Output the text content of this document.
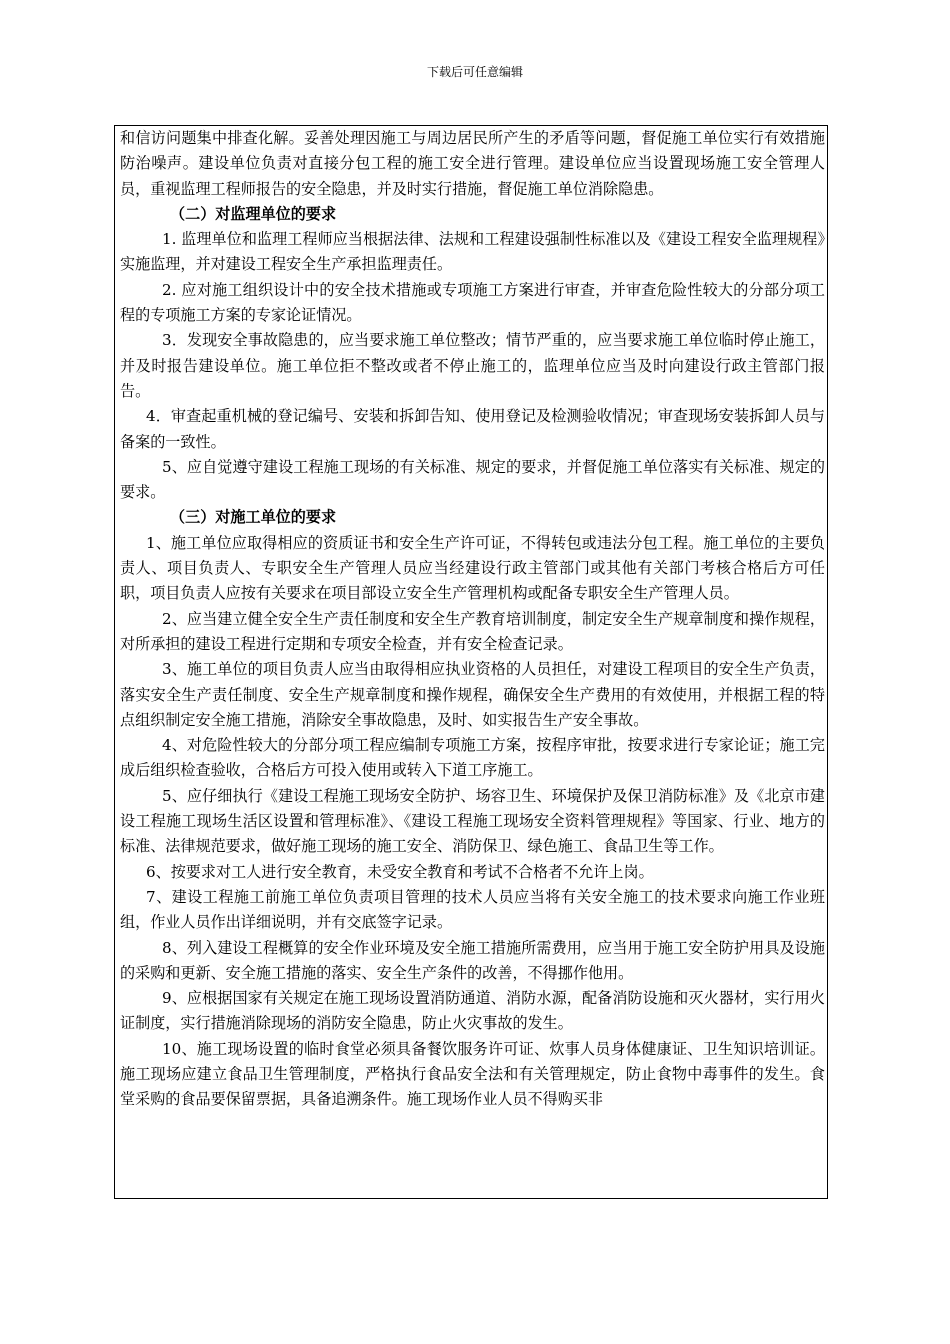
下载后可任意编辑

和信访问题集中排查化解。妥善处理因施工与周边居民所产生的矛盾等问题，督促施工单位实行有效措施防治噪声。建设单位负责对直接分包工程的施工安全进行管理。建设单位应当设置现场施工安全管理人员，重视监理工程师报告的安全隐患，并及时实行措施，督促施工单位消除隐患。

（二）对监理单位的要求

1. 监理单位和监理工程师应当根据法律、法规和工程建设强制性标准以及《建设工程安全监理规程》实施监理，并对建设工程安全生产承担监理责任。

2. 应对施工组织设计中的安全技术措施或专项施工方案进行审查，并审查危险性较大的分部分项工程的专项施工方案的专家论证情况。

3．发现安全事故隐患的，应当要求施工单位整改；情节严重的，应当要求施工单位临时停止施工，并及时报告建设单位。施工单位拒不整改或者不停止施工的，监理单位应当及时向建设行政主管部门报告。

4．审查起重机械的登记编号、安装和拆卸告知、使用登记及检测验收情况；审查现场安装拆卸人员与备案的一致性。

5、应自觉遵守建设工程施工现场的有关标准、规定的要求，并督促施工单位落实有关标准、规定的要求。

（三）对施工单位的要求

1、施工单位应取得相应的资质证书和安全生产许可证，不得转包或违法分包工程。施工单位的主要负责人、项目负责人、专职安全生产管理人员应当经建设行政主管部门或其他有关部门考核合格后方可任职，项目负责人应按有关要求在项目部设立安全生产管理机构或配备专职安全生产管理人员。

2、应当建立健全安全生产责任制度和安全生产教育培训制度，制定安全生产规章制度和操作规程，对所承担的建设工程进行定期和专项安全检查，并有安全检查记录。

3、施工单位的项目负责人应当由取得相应执业资格的人员担任，对建设工程项目的安全生产负责，落实安全生产责任制度、安全生产规章制度和操作规程，确保安全生产费用的有效使用，并根据工程的特点组织制定安全施工措施，消除安全事故隐患，及时、如实报告生产安全事故。

4、对危险性较大的分部分项工程应编制专项施工方案，按程序审批，按要求进行专家论证；施工完成后组织检查验收，合格后方可投入使用或转入下道工序施工。

5、应仔细执行《建设工程施工现场安全防护、场容卫生、环境保护及保卫消防标准》及《北京市建设工程施工现场生活区设置和管理标准》、《建设工程施工现场安全资料管理规程》等国家、行业、地方的标准、法律规范要求，做好施工现场的施工安全、消防保卫、绿色施工、食品卫生等工作。

6、按要求对工人进行安全教育，未受安全教育和考试不合格者不允许上岗。

7、建设工程施工前施工单位负责项目管理的技术人员应当将有关安全施工的技术要求向施工作业班组，作业人员作出详细说明，并有交底签字记录。

8、列入建设工程概算的安全作业环境及安全施工措施所需费用，应当用于施工安全防护用具及设施的采购和更新、安全施工措施的落实、安全生产条件的改善，不得挪作他用。

9、应根据国家有关规定在施工现场设置消防通道、消防水源，配备消防设施和灭火器材，实行用火证制度，实行措施消除现场的消防安全隐患，防止火灾事故的发生。

10、施工现场设置的临时食堂必须具备餐饮服务许可证、炊事人员身体健康证、卫生知识培训证。施工现场应建立食品卫生管理制度，严格执行食品安全法和有关管理规定，防止食物中毒事件的发生。食堂采购的食品要保留票据，具备追溯条件。施工现场作业人员不得购买非
